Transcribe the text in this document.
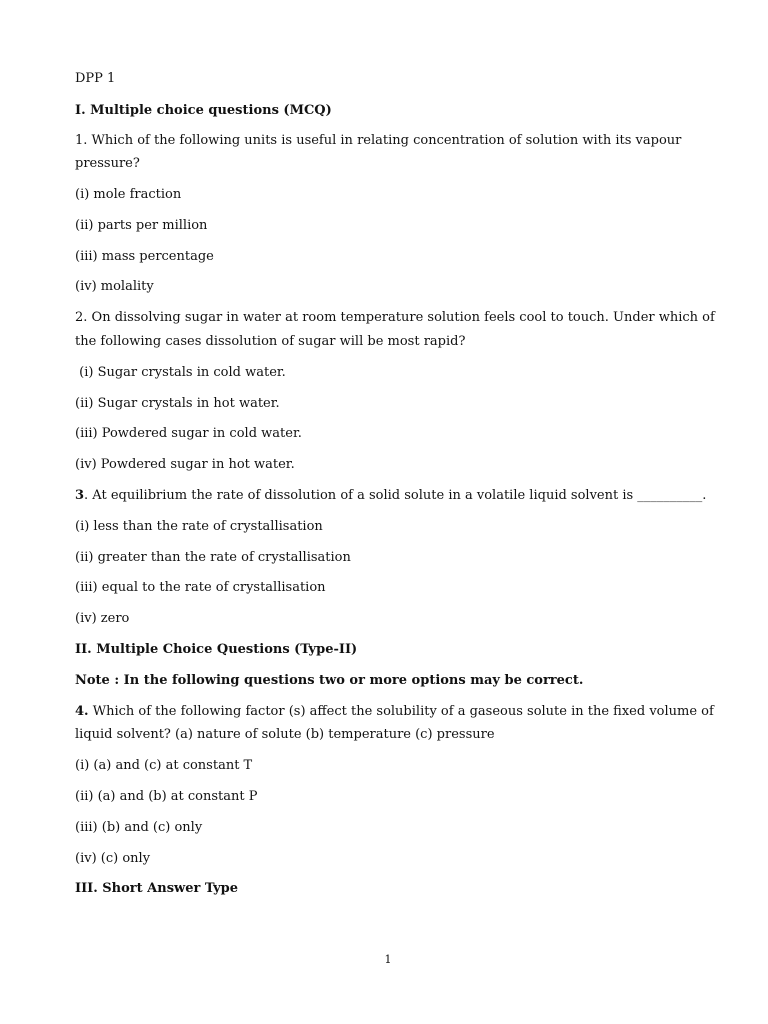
DPP 1
I. Multiple choice questions (MCQ)
1. Which of the following units is useful in relating concentration of solution with its vapour
pressure?
(i) mole fraction
(ii) parts per million
(iii) mass percentage
(iv) molality
2. On dissolving sugar in water at room temperature solution feels cool to touch. Under which of
the following cases dissolution of sugar will be most rapid?
(i) Sugar crystals in cold water.
(ii) Sugar crystals in hot water.
(iii) Powdered sugar in cold water.
(iv) Powdered sugar in hot water.
3. At equilibrium the rate of dissolution of a solid solute in a volatile liquid solvent is __________.
(i) less than the rate of crystallisation
(ii) greater than the rate of crystallisation
(iii) equal to the rate of crystallisation
(iv) zero
II. Multiple Choice Questions (Type-II)
Note : In the following questions two or more options may be correct.
4. Which of the following factor (s) affect the solubility of a gaseous solute in the fixed volume of
liquid solvent? (a) nature of solute (b) temperature (c) pressure
(i) (a) and (c) at constant T
(ii) (a) and (b) at constant P
(iii) (b) and (c) only
(iv) (c) only
III. Short Answer Type
1
